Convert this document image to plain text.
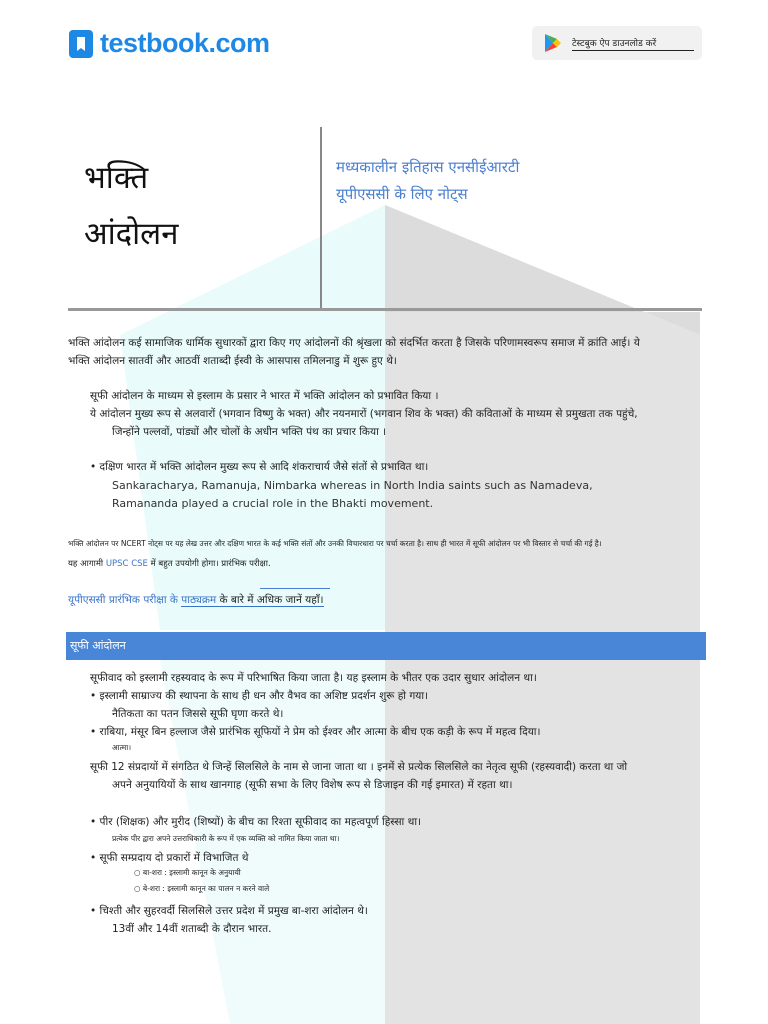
testbook.com	टेस्टबुक ऐप डाउनलोड करें
भक्ति
आंदोलन
मध्यकालीन इतिहास एनसीईआरटी
यूपीएससी के लिए नोट्स
भक्ति आंदोलन कई सामाजिक धार्मिक सुधारकों द्वारा किए गए आंदोलनों की श्रृंखला को संदर्भित करता है जिसके परिणामस्वरूप समाज में क्रांति आई। ये
भक्ति आंदोलन सातवीं और आठवीं शताब्दी ईस्वी के आसपास तमिलनाडु में शुरू हुए थे।
सूफी आंदोलन के माध्यम से इस्लाम के प्रसार ने भारत में भक्ति आंदोलन को प्रभावित किया ।
ये आंदोलन मुख्य रूप से अलवारों (भगवान विष्णु के भक्त) और नयनमारों (भगवान शिव के भक्त) की कविताओं के माध्यम से प्रमुखता तक पहुंचे,
जिन्होंने पल्लवों, पांड्यों और चोलों के अधीन भक्ति पंथ का प्रचार किया ।
• दक्षिण भारत में भक्ति आंदोलन मुख्य रूप से आदि शंकराचार्य जैसे संतों से प्रभावित था।
Sankaracharya, Ramanuja, Nimbarka whereas in North India saints such as Namadeva,
Ramananda played a crucial role in the Bhakti movement.
भक्ति आंदोलन पर NCERT नोट्स पर यह लेख उत्तर और दक्षिण भारत के कई भक्ति संतों और उनकी विचारधारा पर चर्चा करता है। साथ ही भारत में सूफी आंदोलन पर भी विस्तार से चर्चा की गई है।
यह आगामी UPSC CSE में बहुत उपयोगी होगा। प्रारंभिक परीक्षा.
यूपीएससी प्रारंभिक परीक्षा के पाठ्यक्रम के बारे में अधिक जानें यहाँ।
सूफी आंदोलन
सूफीवाद को इस्लामी रहस्यवाद के रूप में परिभाषित किया जाता है। यह इस्लाम के भीतर एक उदार सुधार आंदोलन था।
• इस्लामी साम्राज्य की स्थापना के साथ ही धन और वैभव का अशिष्ट प्रदर्शन शुरू हो गया।
नैतिकता का पतन जिससे सूफी घृणा करते थे।
• राबिया, मंसूर बिन हल्लाज जैसे प्रारंभिक सूफियों ने प्रेम को ईश्वर और आत्मा के बीच एक कड़ी के रूप में महत्व दिया।
आत्मा।
सूफी 12 संप्रदायों में संगठित थे जिन्हें सिलसिले के नाम से जाना जाता था । इनमें से प्रत्येक सिलसिले का नेतृत्व सूफी (रहस्यवादी) करता था जो
अपने अनुयायियों के साथ खानगाह (सूफी सभा के लिए विशेष रूप से डिजाइन की गई इमारत) में रहता था।
• पीर (शिक्षक) और मुरीद (शिष्यों) के बीच का रिश्ता सूफीवाद का महत्वपूर्ण हिस्सा था।
प्रत्येक पीर द्वारा अपने उत्तराधिकारी के रूप में एक व्यक्ति को नामित किया जाता था।
• सूफी सम्प्रदाय दो प्रकारों में विभाजित थे
○ बा-शरा : इस्लामी कानून के अनुयायी
○ बे-शरा : इस्लामी कानून का पालन न करने वाले
• चिश्ती और सुहरवर्दी सिलसिले उत्तर प्रदेश में प्रमुख बा-शरा आंदोलन थे।
13वीं और 14वीं शताब्दी के दौरान भारत.
